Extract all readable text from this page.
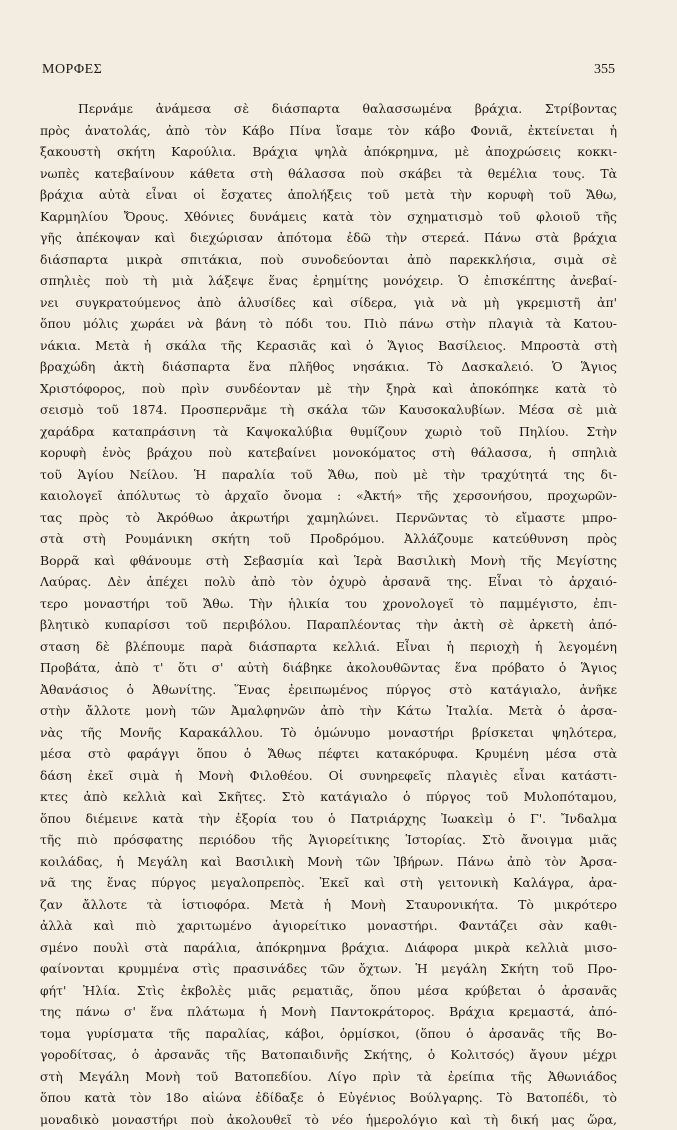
ΜΟΡΦΕΣ	355
Περνάμε ἀνάμεσα σὲ διάσπαρτα θαλασσωμένα βράχια. Στρίβοντας
πρὸς ἀνατολάς, ἀπὸ τὸν Κάβο Πίνα ἴσαμε τὸν κάβο Φονιᾶ, ἐκτείνεται ἡ
ξακουστὴ σκήτη Καρούλια. Βράχια ψηλὰ ἀπόκρημνα, μὲ ἀποχρώσεις κοκκι-
νωπὲς κατεβαίνουν κάθετα στὴ θάλασσα ποὺ σκάβει τὰ θεμέλια τους. Τὰ
βράχια αὐτὰ εἶναι οἱ ἔσχατες ἀπολήξεις τοῦ μετὰ τὴν κορυφὴ τοῦ Ἄθω,
Καρμηλίου Ὄρους. Χθόνιες δυνάμεις κατὰ τὸν σχηματισμὸ τοῦ φλοιοῦ τῆς
γῆς ἀπέκοψαν καὶ διεχώρισαν ἀπότομα ἐδῶ τὴν στερεά. Πάνω στὰ βράχια
διάσπαρτα μικρὰ σπιτάκια, ποὺ συνοδεύονται ἀπὸ παρεκκλήσια, σιμὰ σὲ
σπηλιὲς ποὺ τὴ μιὰ λάξεψε ἕνας ἐρημίτης μονόχειρ. Ὁ ἐπισκέπτης ἀνεβαί-
νει συγκρατούμενος ἀπὸ ἁλυσίδες καὶ σίδερα, γιὰ νὰ μὴ γκρεμιστῆ ἀπ'
ὅπου μόλις χωράει νὰ βάνη τὸ πόδι του. Πιὸ πάνω στὴν πλαγιὰ τὰ Κατου-
νάκια. Μετὰ ἡ σκάλα τῆς Κερασιᾶς καὶ ὁ Ἅγιος Βασίλειος. Μπροστὰ στὴ
βραχώδη ἀκτὴ διάσπαρτα ἕνα πλῆθος νησάκια. Τὸ Δασκαλειό. Ὁ Ἅγιος
Χριστόφορος, ποὺ πρὶν συνδέονταν μὲ τὴν ξηρὰ καὶ ἀποκόπηκε κατὰ τὸ
σεισμὸ τοῦ 1874. Προσπερνᾶμε τὴ σκάλα τῶν Καυσοκαλυβίων. Μέσα σὲ μιὰ
χαράδρα καταπράσινη τὰ Καψοκαλύβια θυμίζουν χωριὸ τοῦ Πηλίου. Στὴν
κορυφὴ ἑνὸς βράχου ποὺ κατεβαίνει μονοκόματος στὴ θάλασσα, ἡ σπηλιὰ
τοῦ Ἁγίου Νείλου. Ἡ παραλία τοῦ Ἄθω, ποὺ μὲ τὴν τραχύτητά της δι-
καιολογεῖ ἀπόλυτως τὸ ἀρχαῖο ὄνομα : «Ἀκτή» τῆς χερσονήσου, προχωρῶν-
τας πρὸς τὸ Ἀκρόθωο ἀκρωτήρι χαμηλώνει. Περνῶντας τὸ εἴμαστε μπρο-
στὰ στὴ Ρουμάνικη σκήτη τοῦ Προδρόμου. Ἀλλάζουμε κατεύθυνση πρὸς
Βορρᾶ καὶ φθάνουμε στὴ Σεβασμία καὶ Ἱερὰ Βασιλικὴ Μονὴ τῆς Μεγίστης
Λαύρας. Δὲν ἀπέχει πολὺ ἀπὸ τὸν ὀχυρὸ ἀρσανᾶ της. Εἶναι τὸ ἀρχαιό-
τερο μοναστήρι τοῦ Ἄθω. Τὴν ἡλικία του χρονολογεῖ τὸ παμμέγιστο, ἐπι-
βλητικὸ κυπαρίσσι τοῦ περιβόλου. Παραπλέοντας τὴν ἀκτὴ σὲ ἀρκετὴ ἀπό-
σταση δὲ βλέπουμε παρὰ διάσπαρτα κελλιά. Εἶναι ἡ περιοχὴ ἡ λεγομένη
Προβάτα, ἀπὸ τ' ὅτι σ' αὐτὴ διάβηκε ἀκολουθῶντας ἕνα πρόβατο ὁ Ἅγιος
Ἀθανάσιος ὁ Ἀθωνίτης. Ἕνας ἐρειπωμένος πύργος στὸ κατάγιαλο, ἀνῆκε
στὴν ἄλλοτε μονὴ τῶν Ἀμαλφηνῶν ἀπὸ τὴν Κάτω Ἰταλία. Μετὰ ὁ ἀρσα-
νὰς τῆς Μονῆς Καρακάλλου. Τὸ ὁμώνυμο μοναστήρι βρίσκεται ψηλότερα,
μέσα στὸ φαράγγι ὅπου ὁ Ἄθως πέφτει κατακόρυφα. Κρυμένη μέσα στὰ
δάση ἐκεῖ σιμὰ ἡ Μονὴ Φιλοθέου. Οἱ συνηρεφεῖς πλαγιὲς εἶναι κατάστι-
κτες ἀπὸ κελλιὰ καὶ Σκῆτες. Στὸ κατάγιαλο ὁ πύργος τοῦ Μυλοπόταμου,
ὅπου διέμεινε κατὰ τὴν ἐξορία του ὁ Πατριάρχης Ἰωακεὶμ ὁ Γ'. Ἴνδαλμα
τῆς πιὸ πρόσφατης περιόδου τῆς Ἁγιορείτικης Ἱστορίας. Στὸ ἄνοιγμα μιᾶς
κοιλάδας, ἡ Μεγάλη καὶ Βασιλικὴ Μονὴ τῶν Ἰβήρων. Πάνω ἀπὸ τὸν Ἀρσα-
νᾶ της ἕνας πύργος μεγαλοπρεπὸς. Ἐκεῖ καὶ στὴ γειτονικὴ Καλάγρα, ἀρα-
ζαν ἄλλοτε τὰ ἱστιοφόρα. Μετὰ ἡ Μονὴ Σταυρονικήτα. Τὸ μικρότερο
ἀλλὰ καὶ πιὸ χαριτωμένο ἁγιορείτικο μοναστήρι. Φαντάζει σὰν καθι-
σμένο πουλὶ στὰ παράλια, ἀπόκρημνα βράχια. Διάφορα μικρὰ κελλιὰ μισο-
φαίνονται κρυμμένα στὶς πρασινάδες τῶν ὄχτων. Ἡ μεγάλη Σκήτη τοῦ Προ-
φήτ' Ἠλία. Στὶς ἐκβολὲς μιᾶς ρεματιᾶς, ὅπου μέσα κρύβεται ὁ ἀρσανᾶς
της πάνω σ' ἕνα πλάτωμα ἡ Μονὴ Παντοκράτορος. Βράχια κρεμαστά, ἀπό-
τομα γυρίσματα τῆς παραλίας, κάβοι, ὁρμίσκοι, (ὅπου ὁ ἀρσανᾶς τῆς Βο-
γοροδίτσας, ὁ ἀρσανᾶς τῆς Βατοπαιδινῆς Σκήτης, ὁ Κολιτσός) ἄγουν μέχρι
στὴ Μεγάλη Μονὴ τοῦ Βατοπεδίου. Λίγο πρὶν τὰ ἐρείπια τῆς Ἀθωνιάδος
ὅπου κατὰ τὸν 18ο αἰώνα ἐδίδαξε ὁ Εὐγένιος Βούλγαρης. Τὸ Βατοπέδι, τὸ
μοναδικὸ μοναστήρι ποὺ ἀκολουθεῖ τὸ νέο ἡμερολόγιο καὶ τὴ δική μας ὥρα,
